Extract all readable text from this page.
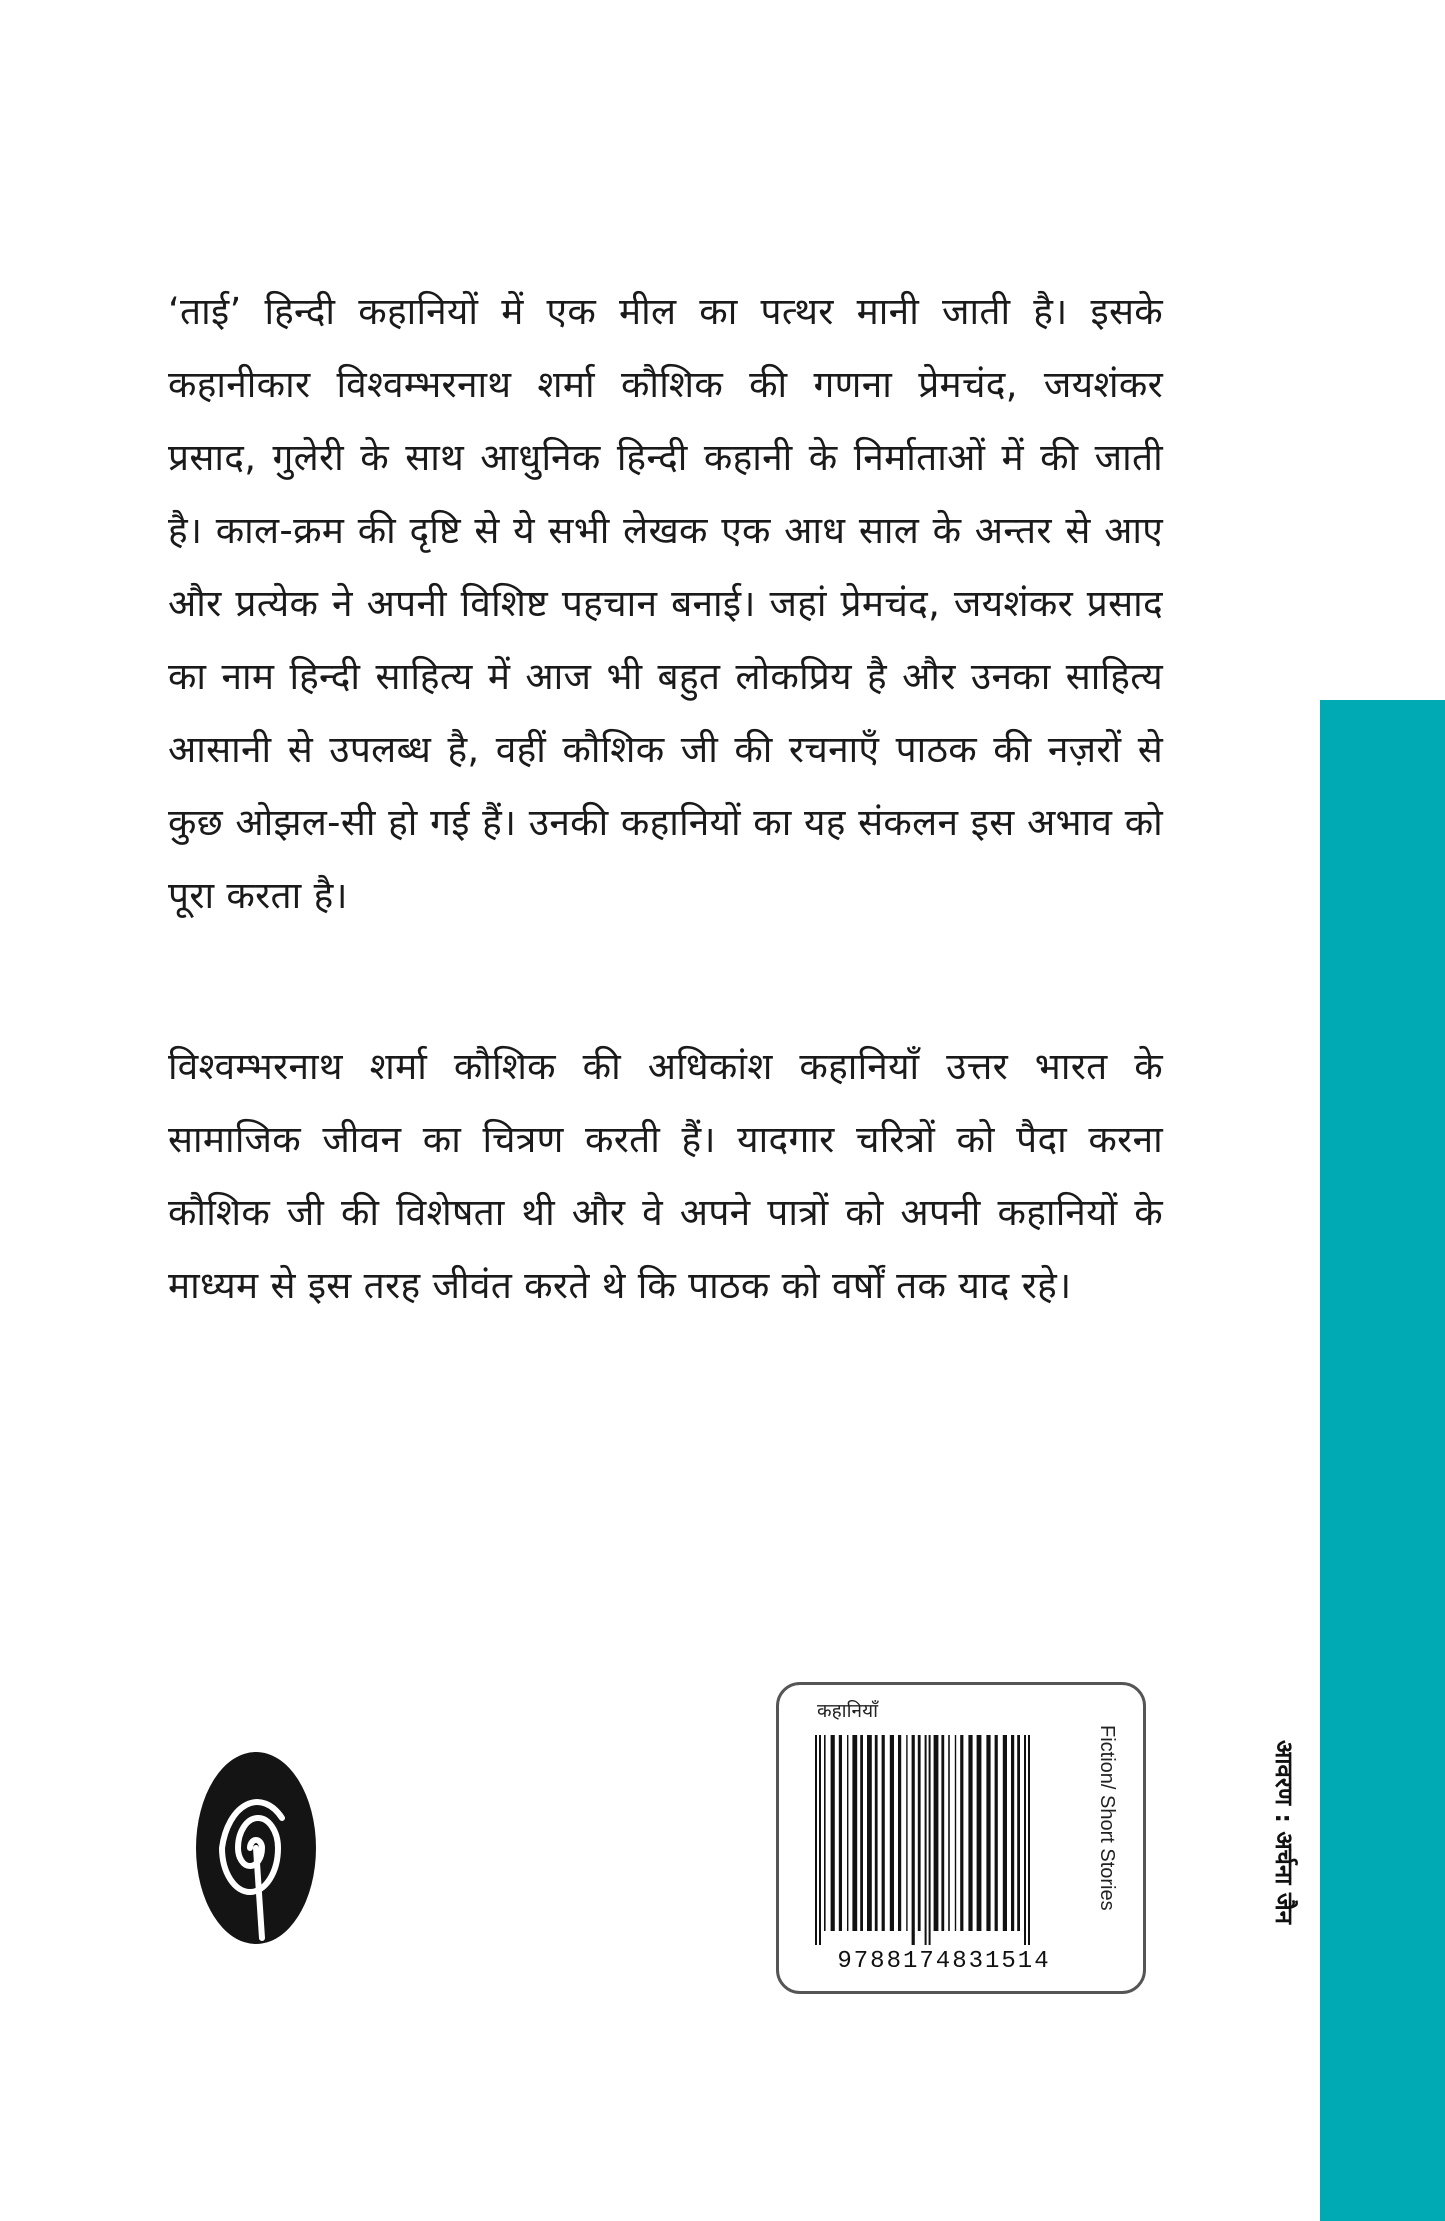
‘ताई’ हिन्दी कहानियों में एक मील का पत्थर मानी जाती है। इसके कहानीकार विश्वम्भरनाथ शर्मा कौशिक की गणना प्रेमचंद, जयशंकर प्रसाद, गुलेरी के साथ आधुनिक हिन्दी कहानी के निर्माताओं में की जाती है। काल-क्रम की दृष्टि से ये सभी लेखक एक आध साल के अन्तर से आए और प्रत्येक ने अपनी विशिष्ट पहचान बनाई। जहां प्रेमचंद, जयशंकर प्रसाद का नाम हिन्दी साहित्य में आज भी बहुत लोकप्रिय है और उनका साहित्य आसानी से उपलब्ध है, वहीं कौशिक जी की रचनाएँ पाठक की नज़रों से कुछ ओझल-सी हो गई हैं। उनकी कहानियों का यह संकलन इस अभाव को पूरा करता है।

विश्वम्भरनाथ शर्मा कौशिक की अधिकांश कहानियाँ उत्तर भारत के सामाजिक जीवन का चित्रण करती हैं। यादगार चरित्रों को पैदा करना कौशिक जी की विशेषता थी और वे अपने पात्रों को अपनी कहानियों के माध्यम से इस तरह जीवंत करते थे कि पाठक को वर्षों तक याद रहे।

कहानियाँ
9788174831514
Fiction/ Short Stories	आवरण : अर्चना जैन
